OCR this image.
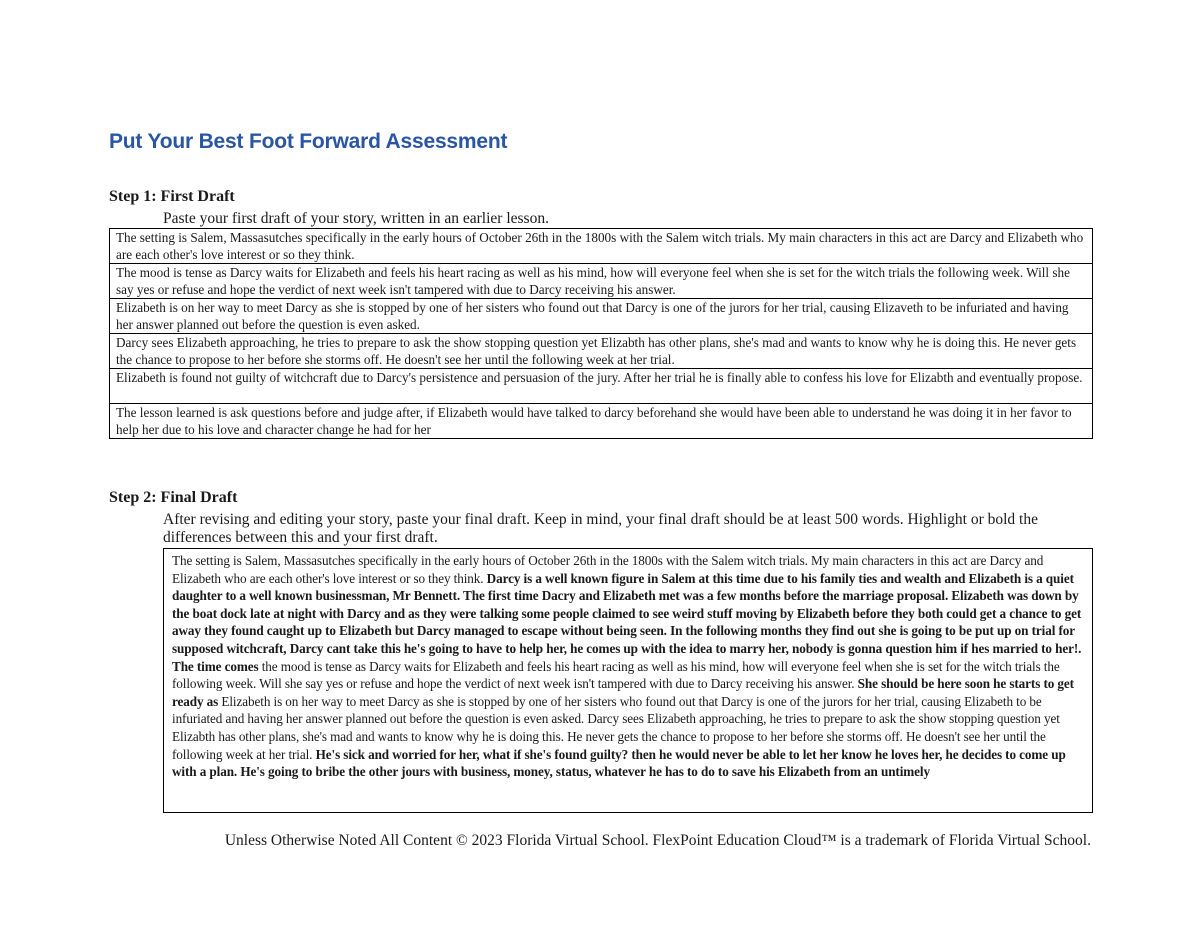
Put Your Best Foot Forward Assessment
Step 1: First Draft
Paste your first draft of your story, written in an earlier lesson.
The setting is Salem, Massasutches specifically in the early hours of October 26th in the 1800s with the Salem witch trials. My main characters in this act are Darcy and Elizabeth who are each other's love interest or so they think.
The mood is tense as Darcy waits for Elizabeth and feels his heart racing as well as his mind, how will everyone feel when she is set for the witch trials the following week. Will she say yes or refuse and hope the verdict of next week isn't tampered with due to Darcy receiving his answer.
Elizabeth is on her way to meet Darcy as she is stopped by one of her sisters who found out that Darcy is one of the jurors for her trial, causing Elizaveth to be infuriated and having her answer planned out before the question is even asked.
Darcy sees Elizabeth approaching, he tries to prepare to ask the show stopping question yet Elizabth has other plans, she's mad and wants to know why he is doing this. He never gets the chance to propose to her before she storms off. He doesn't see her until the following week at her trial.
Elizabeth is found not guilty of witchcraft due to Darcy's persistence and persuasion of the jury. After her trial he is finally able to confess his love for Elizabth and eventually propose.
The lesson learned is ask questions before and judge after, if Elizabeth would have talked to darcy beforehand she would have been able to understand he was doing it in her favor to help her due to his love and character change he had for her
Step 2: Final Draft
After revising and editing your story, paste your final draft. Keep in mind, your final draft should be at least 500 words. Highlight or bold the differences between this and your first draft.
The setting is Salem, Massasutches specifically in the early hours of October 26th in the 1800s with the Salem witch trials. My main characters in this act are Darcy and Elizabeth who are each other's love interest or so they think. Darcy is a well known figure in Salem at this time due to his family ties and wealth and Elizabeth is a quiet daughter to a well known businessman, Mr Bennett. The first time Dacry and Elizabeth met was a few months before the marriage proposal. Elizabeth was down by the boat dock late at night with Darcy and as they were talking some people claimed to see weird stuff moving by Elizabeth before they both could get a chance to get away they found caught up to Elizabeth but Darcy managed to escape without being seen. In the following months they find out she is going to be put up on trial for supposed witchcraft, Darcy cant take this he's going to have to help her, he comes up with the idea to marry her, nobody is gonna question him if hes married to her!. The time comes the mood is tense as Darcy waits for Elizabeth and feels his heart racing as well as his mind, how will everyone feel when she is set for the witch trials the following week. Will she say yes or refuse and hope the verdict of next week isn't tampered with due to Darcy receiving his answer. She should be here soon he starts to get ready as Elizabeth is on her way to meet Darcy as she is stopped by one of her sisters who found out that Darcy is one of the jurors for her trial, causing Elizabeth to be infuriated and having her answer planned out before the question is even asked. Darcy sees Elizabeth approaching, he tries to prepare to ask the show stopping question yet Elizabth has other plans, she's mad and wants to know why he is doing this. He never gets the chance to propose to her before she storms off. He doesn't see her until the following week at her trial. He's sick and worried for her, what if she's found guilty? then he would never be able to let her know he loves her, he decides to come up with a plan. He's going to bribe the other jours with business, money, status, whatever he has to do to save his Elizabeth from an untimely
Unless Otherwise Noted All Content © 2023 Florida Virtual School. FlexPoint Education Cloud™ is a trademark of Florida Virtual School.
